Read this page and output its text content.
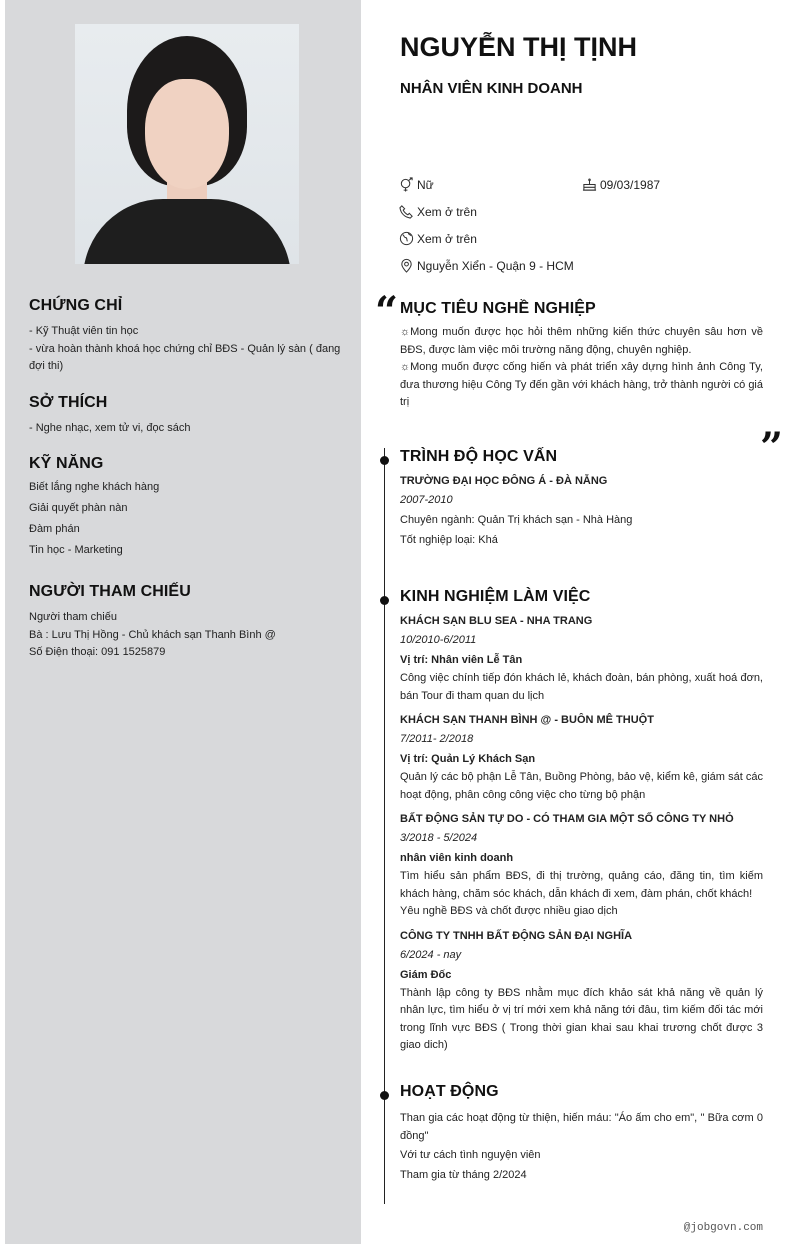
CHỨNG CHỈ

- Kỹ Thuật viên tin học

- vừa hoàn thành khoá học chứng chỉ BĐS - Quản lý sàn ( đang đợi thi)

SỞ THÍCH

- Nghe nhạc, xem tử vi, đọc sách

KỸ NĂNG

Biết lắng nghe khách hàng

Giải quyết phàn nàn

Đàm phán

Tin học - Marketing

NGƯỜI THAM CHIẾU

Người tham chiếu

Bà : Lưu Thị Hồng - Chủ khách sạn Thanh Bình @

Số Điện thoại: 091 1525879

NGUYỄN THỊ TỊNH
NHÂN VIÊN KINH DOANH
Nữ	09/03/1987
Xem ở trên
Xem ở trên
Nguyễn Xiển - Quận 9 - HCM
“
”
MỤC TIÊU NGHỀ NGHIỆP

☼Mong muốn được học hỏi thêm những kiến thức chuyên sâu hơn về BĐS, được làm việc môi trường năng động, chuyên nghiệp.

☼Mong muốn được cống hiến và phát triển xây dựng hình ảnh Công Ty, đưa thương hiệu Công Ty đến gần với khách hàng, trở thành người có giá trị

TRÌNH ĐỘ HỌC VẤN
TRƯỜNG ĐẠI HỌC ĐÔNG Á - ĐÀ NẴNG
2007-2010

Chuyên ngành: Quản Trị khách sạn - Nhà Hàng

Tốt nghiệp loại: Khá

KINH NGHIỆM LÀM VIỆC
KHÁCH SẠN BLU SEA - NHA TRANG
10/2010-6/2011
Vị trí: Nhân viên Lễ Tân

Công việc chính tiếp đón khách lẻ, khách đoàn, bán phòng, xuất hoá đơn, bán Tour đi tham quan du lịch

KHÁCH SẠN THANH BÌNH @ - BUÔN MÊ THUỘT
7/2011- 2/2018
Vị trí: Quản Lý Khách Sạn

Quản lý các bộ phận Lễ Tân, Buồng Phòng, bảo vệ, kiểm kê, giám sát các hoạt động, phân công công việc cho từng bộ phận

BẤT ĐỘNG SẢN TỰ DO - CÓ THAM GIA MỘT SỐ CÔNG TY NHỎ
3/2018 - 5/2024
nhân viên kinh doanh

Tìm hiểu sản phẩm BĐS, đi thị trường, quảng cáo, đăng tin, tìm kiếm khách hàng, chăm sóc khách, dẫn khách đi xem, đàm phán, chốt khách!

Yêu nghề BĐS và chốt được nhiều giao dịch

CÔNG TY TNHH BẤT ĐỘNG SẢN ĐẠI NGHĨA
6/2024 - nay
Giám Đốc

Thành lập công ty BĐS nhằm mục đích khảo sát khả năng về quản lý nhân lực, tìm hiểu ở vị trí mới xem khả năng tới đâu, tìm kiếm đối tác mới trong lĩnh vực BĐS ( Trong thời gian khai sau khai trương chốt được 3 giao dich)

HOẠT ĐỘNG

Than gia các hoạt động từ thiện, hiến máu: "Áo ấm cho em", " Bữa cơm 0 đồng"

Với tư cách tình nguyện viên

Tham gia từ tháng 2/2024

@jobgovn.com
